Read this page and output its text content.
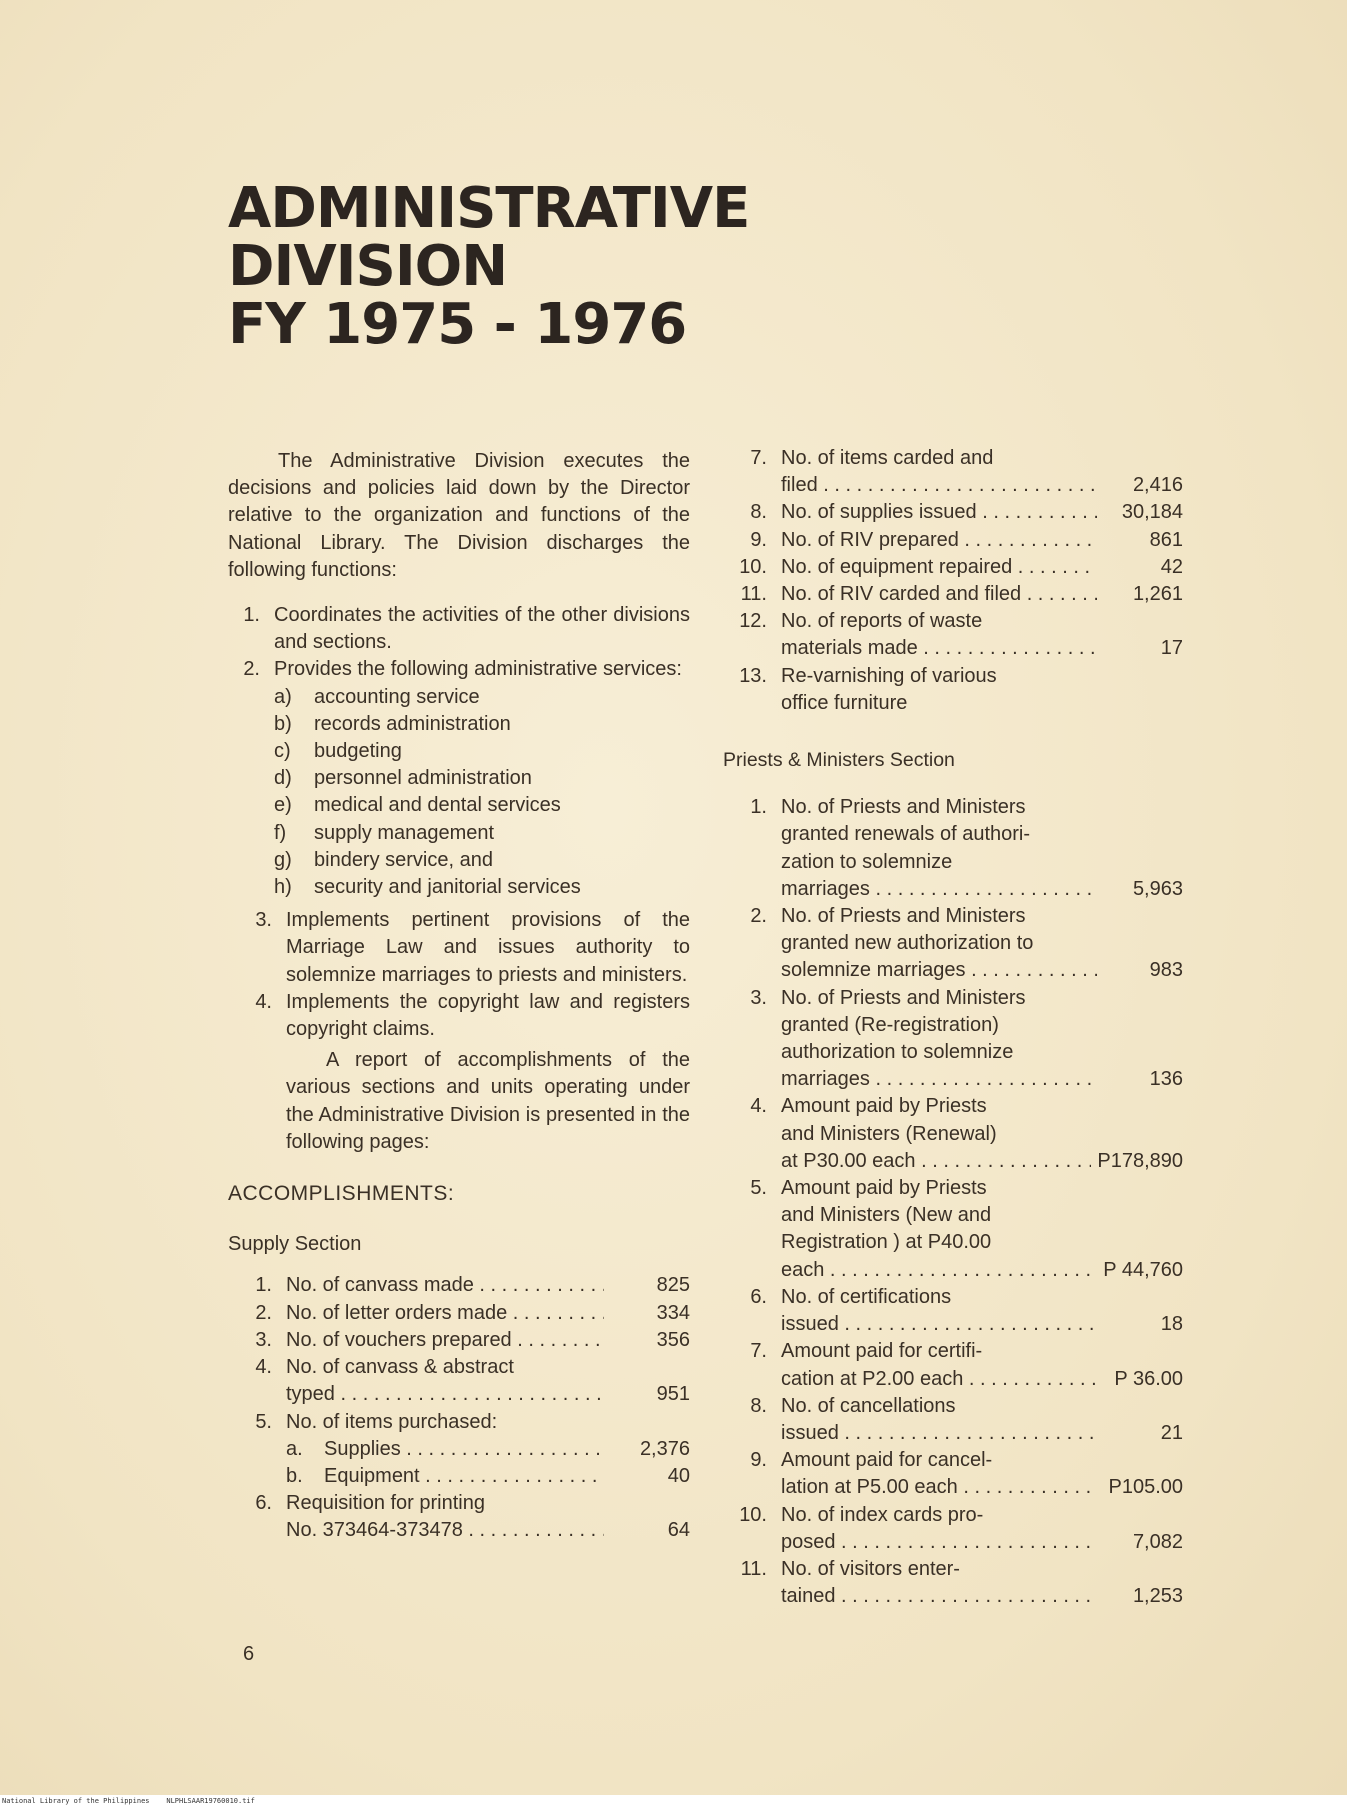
ADMINISTRATIVE
DIVISION
FY 1975 - 1976

The Administrative Division executes the decisions and policies laid down by the Director relative to the organization and functions of the National Library. The Division discharges the following functions:

1. Coordinates the activities of the other divisions and sections.
2. Provides the following administrative services:
a)	accounting service
b)	records administration
c)	budgeting
d)	personnel administration
e)	medical and dental services
f)	supply management
g)	bindery service, and
h)	security and janitorial services
3. Implements pertinent provisions of the Marriage Law and issues authority to solemnize marriages to priests and ministers.
4. Implements the copyright law and registers copyright claims.

A report of accomplishments of the various sections and units operating under the Administrative Division is presented in the following pages:

ACCOMPLISHMENTS:
Supply Section
1. No. of canvass made . . .	825
2. No. of letter orders made . . .	334
3. No. of vouchers prepared . . .	356
4. No. of canvass & abstract
typed . . .	951
5. No. of items purchased:
a.	Supplies . . .	2,376
b.	Equipment . . .	40
6. Requisition for printing
No. 373464-373478 . . .	64
7. No. of items carded and
filed . . .	2,416
8. No. of supplies issued . . .	30,184
9. No. of RIV prepared . . .	861
10. No. of equipment repaired . . .	42
11. No. of RIV carded and filed . . .	1,261
12. No. of reports of waste
materials made . . .	17
13. Re-varnishing of various
office furniture
Priests & Ministers Section
1. No. of Priests and Ministers
granted renewals of authori-
zation to solemnize
marriages . . .	5,963
2. No. of Priests and Ministers
granted new authorization to
solemnize marriages . . .	983
3. No. of Priests and Ministers
granted (Re-registration)
authorization to solemnize
marriages . . .	136
4. Amount paid by Priests
and Ministers (Renewal)
at P30.00 each . . .	P178,890
5. Amount paid by Priests
and Ministers (New and
Registration ) at P40.00
each . . .	P 44,760
6. No. of certifications
issued . . .	18
7. Amount paid for certifi-
cation at P2.00 each . . .	P 36.00
8. No. of cancellations
issued . . .	21
9. Amount paid for cancel-
lation at P5.00 each . . .	P105.00
10. No. of index cards pro-
posed . . .	7,082
11. No. of visitors enter-
tained . . .	1,253
6
National Library of the Philippines    NLPHLSAAR19760010.tif
